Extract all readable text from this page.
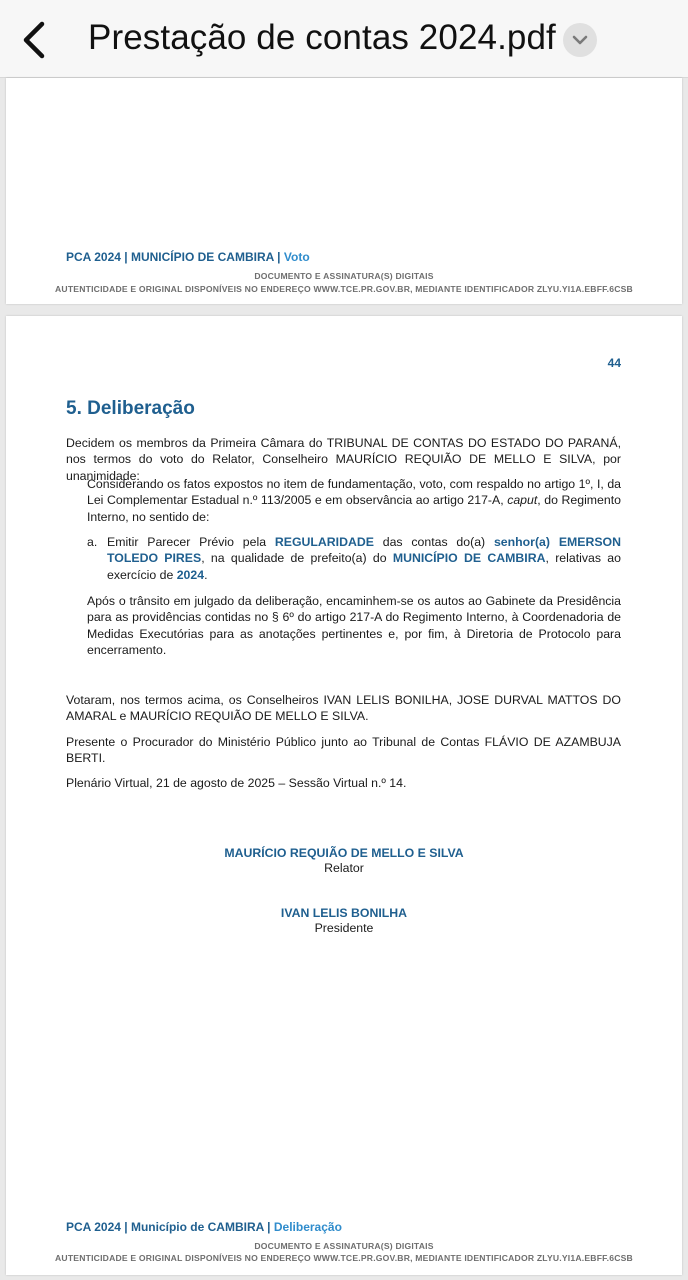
Prestação de contas 2024.pdf
PCA 2024 | MUNICÍPIO DE CAMBIRA | Voto
DOCUMENTO E ASSINATURA(S) DIGITAIS
AUTENTICIDADE E ORIGINAL DISPONÍVEIS NO ENDEREÇO WWW.TCE.PR.GOV.BR, MEDIANTE IDENTIFICADOR ZLYU.YI1A.EBFF.6CSB
44
5. Deliberação
Decidem os membros da Primeira Câmara do TRIBUNAL DE CONTAS DO ESTADO DO PARANÁ, nos termos do voto do Relator, Conselheiro MAURÍCIO REQUIÃO DE MELLO E SILVA, por unanimidade:
Considerando os fatos expostos no item de fundamentação, voto, com respaldo no artigo 1º, I, da Lei Complementar Estadual n.º 113/2005 e em observância ao artigo 217-A, caput, do Regimento Interno, no sentido de:
a. Emitir Parecer Prévio pela REGULARIDADE das contas do(a) senhor(a) EMERSON TOLEDO PIRES, na qualidade de prefeito(a) do MUNICÍPIO DE CAMBIRA, relativas ao exercício de 2024.
Após o trânsito em julgado da deliberação, encaminhem-se os autos ao Gabinete da Presidência para as providências contidas no § 6º do artigo 217-A do Regimento Interno, à Coordenadoria de Medidas Executórias para as anotações pertinentes e, por fim, à Diretoria de Protocolo para encerramento.
Votaram, nos termos acima, os Conselheiros IVAN LELIS BONILHA, JOSE DURVAL MATTOS DO AMARAL e MAURÍCIO REQUIÃO DE MELLO E SILVA.
Presente o Procurador do Ministério Público junto ao Tribunal de Contas FLÁVIO DE AZAMBUJA BERTI.
Plenário Virtual, 21 de agosto de 2025 – Sessão Virtual n.º 14.
MAURÍCIO REQUIÃO DE MELLO E SILVA
Relator
IVAN LELIS BONILHA
Presidente
PCA 2024 | Município de CAMBIRA | Deliberação
DOCUMENTO E ASSINATURA(S) DIGITAIS
AUTENTICIDADE E ORIGINAL DISPONÍVEIS NO ENDEREÇO WWW.TCE.PR.GOV.BR, MEDIANTE IDENTIFICADOR ZLYU.YI1A.EBFF.6CSB
